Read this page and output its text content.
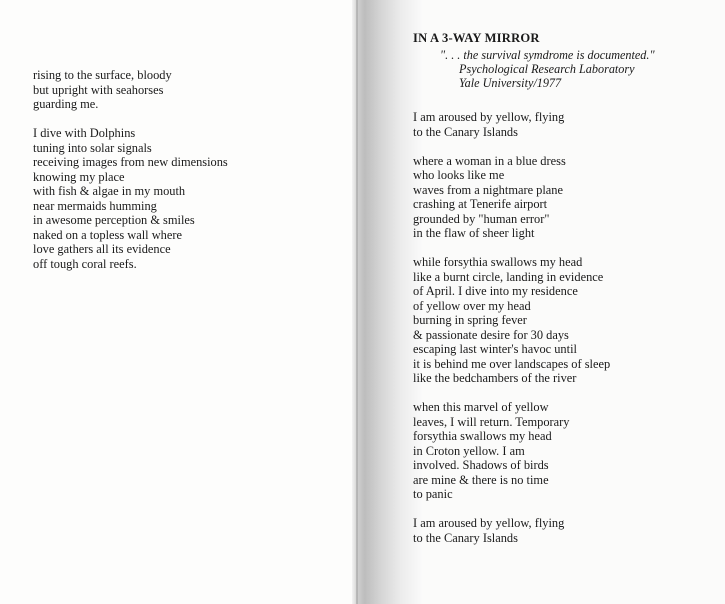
rising to the surface, bloody
but upright with seahorses
guarding me.
I dive with Dolphins
tuning into solar signals
receiving images from new dimensions
knowing my place
with fish & algae in my mouth
near mermaids humming
in awesome perception & smiles
naked on a topless wall where
love gathers all its evidence
off tough coral reefs.
IN A 3-WAY MIRROR
". . . the survival symdrome is documented."
Psychological Research Laboratory
Yale University/1977
I am aroused by yellow, flying
to the Canary Islands
where a woman in a blue dress
who looks like me
waves from a nightmare plane
crashing at Tenerife airport
grounded by "human error"
in the flaw of sheer light
while forsythia swallows my head
like a burnt circle, landing in evidence
of April. I dive into my residence
of yellow over my head
burning in spring fever
& passionate desire for 30 days
escaping last winter's havoc until
it is behind me over landscapes of sleep
like the bedchambers of the river
when this marvel of yellow
leaves, I will return. Temporary
forsythia swallows my head
in Croton yellow. I am
involved. Shadows of birds
are mine & there is no time
to panic
I am aroused by yellow, flying
to the Canary Islands
